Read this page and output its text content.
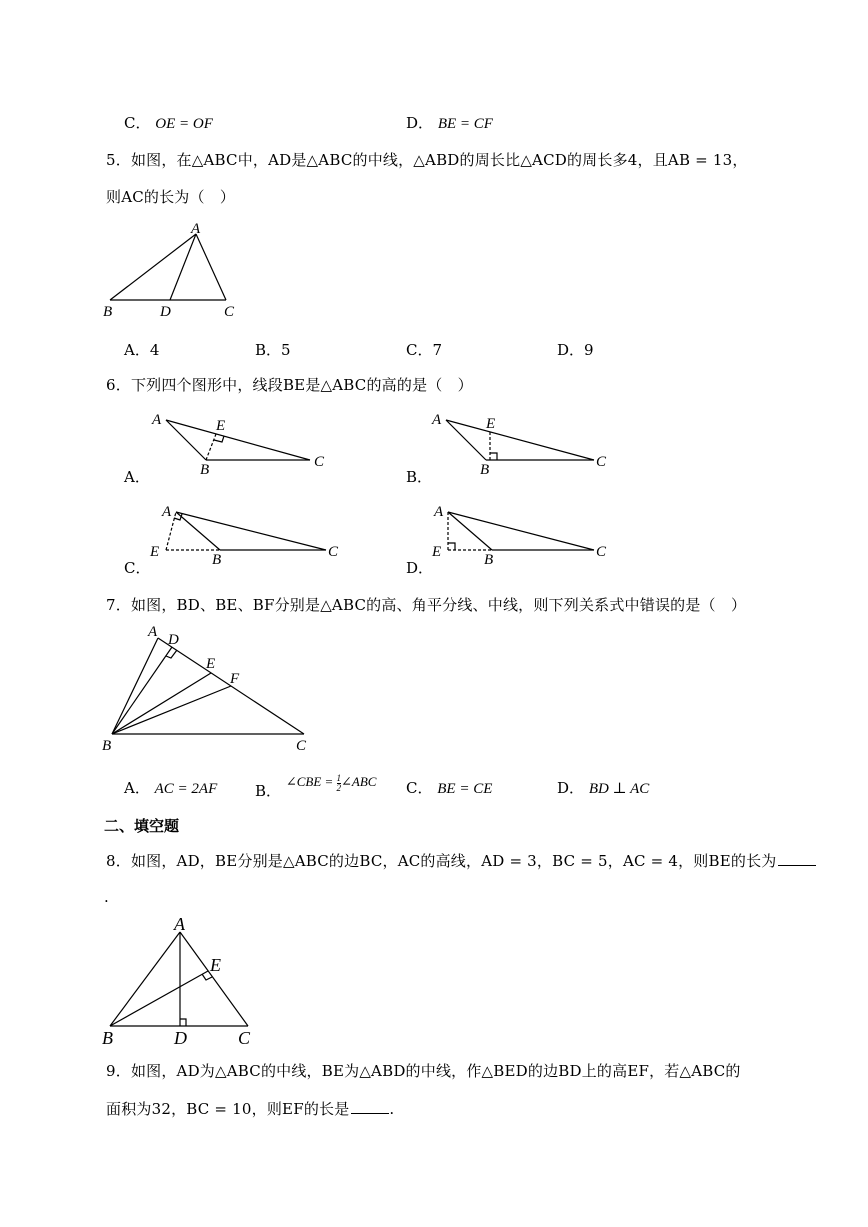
C． OE = OF	D． BE = CF
5．如图，在△ABC中，AD是△ABC的中线，△ABD的周长比△ACD的周长多4，且AB = 13，
则AC的长为（　）
A
B	D	C
A．4	B．5	C．7	D．9
6．下列四个图形中，线段BE是△ABC的高的是（　）
A．
A	E
B	C
B．
A	E
B	C
C．
A
E	B	C
D．
A
E	B	C
7．如图，BD、BE、BF分别是△ABC的高、角平分线、中线，则下列关系式中错误的是（　）
A D
E
F
B	C
A． AC = 2AF	B． ∠CBE = $\frac{1}{2}$ ∠ABC C． BE = CE	D． BD ⊥ AC
二、填空题
8．如图，AD，BE分别是△ABC的边BC，AC的高线，AD = 3，BC = 5，AC = 4，则BE的长为
.
A
E
B	D	C
9．如图，AD为△ABC的中线，BE为△ABD的中线，作△BED的边BD上的高EF，若△ABC的
面积为32，BC = 10，则EF的长是	.
